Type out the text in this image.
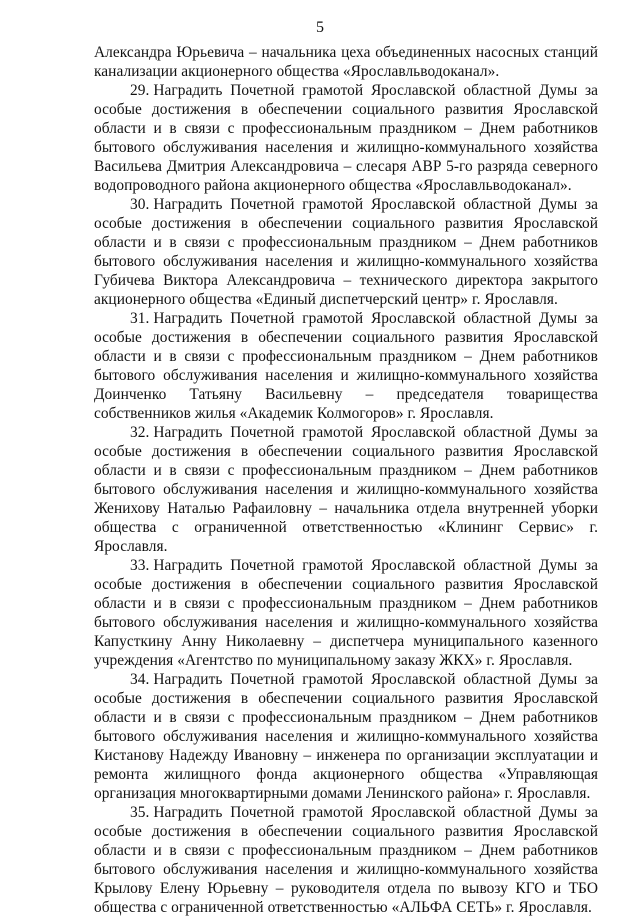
5

Александра Юрьевича – начальника цеха объединенных насосных станций канализации акционерного общества «Ярославльводоканал».

29. Наградить Почетной грамотой Ярославской областной Думы за особые достижения в обеспечении социального развития Ярославской области и в связи с профессиональным праздником – Днем работников бытового обслуживания населения и жилищно-коммунального хозяйства Васильева Дмитрия Александровича – слесаря АВР 5-го разряда северного водопроводного района акционерного общества «Ярославльводоканал».

30. Наградить Почетной грамотой Ярославской областной Думы за особые достижения в обеспечении социального развития Ярославской области и в связи с профессиональным праздником – Днем работников бытового обслуживания населения и жилищно-коммунального хозяйства Губичева Виктора Александровича – технического директора закрытого акционерного общества «Единый диспетчерский центр» г. Ярославля.

31. Наградить Почетной грамотой Ярославской областной Думы за особые достижения в обеспечении социального развития Ярославской области и в связи с профессиональным праздником – Днем работников бытового обслуживания населения и жилищно-коммунального хозяйства Доинченко Татьяну Васильевну – председателя товарищества собственников жилья «Академик Колмогоров» г. Ярославля.

32. Наградить Почетной грамотой Ярославской областной Думы за особые достижения в обеспечении социального развития Ярославской области и в связи с профессиональным праздником – Днем работников бытового обслуживания населения и жилищно-коммунального хозяйства Женихову Наталью Рафаиловну – начальника отдела внутренней уборки общества с ограниченной ответственностью «Клининг Сервис» г. Ярославля.

33. Наградить Почетной грамотой Ярославской областной Думы за особые достижения в обеспечении социального развития Ярославской области и в связи с профессиональным праздником – Днем работников бытового обслуживания населения и жилищно-коммунального хозяйства Капусткину Анну Николаевну – диспетчера муниципального казенного учреждения «Агентство по муниципальному заказу ЖКХ» г. Ярославля.

34. Наградить Почетной грамотой Ярославской областной Думы за особые достижения в обеспечении социального развития Ярославской области и в связи с профессиональным праздником – Днем работников бытового обслуживания населения и жилищно-коммунального хозяйства Кистанову Надежду Ивановну – инженера по организации эксплуатации и ремонта жилищного фонда акционерного общества «Управляющая организация многоквартирными домами Ленинского района» г. Ярославля.

35. Наградить Почетной грамотой Ярославской областной Думы за особые достижения в обеспечении социального развития Ярославской области и в связи с профессиональным праздником – Днем работников бытового обслуживания населения и жилищно-коммунального хозяйства Крылову Елену Юрьевну – руководителя отдела по вывозу КГО и ТБО общества с ограниченной ответственностью «АЛЬФА СЕТЬ» г. Ярославля.
